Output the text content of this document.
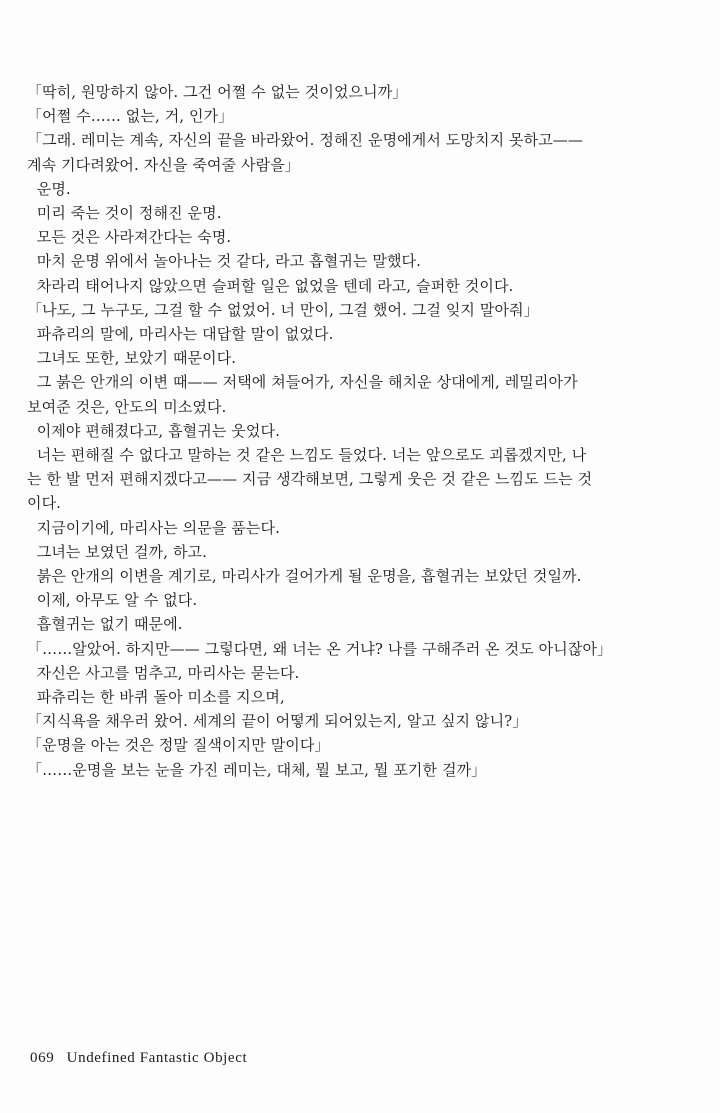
「딱히, 원망하지 않아. 그건 어쩔 수 없는 것이었으니까」

「어쩔 수…… 없는, 거, 인가」

「그래. 레미는 계속, 자신의 끝을 바라왔어. 정해진 운명에게서 도망치지 못하고——
계속 기다려왔어. 자신을 죽여줄 사람을」

운명.

미리 죽는 것이 정해진 운명.

모든 것은 사라져간다는 숙명.

마치 운명 위에서 놀아나는 것 같다, 라고 흡혈귀는 말했다.

차라리 태어나지 않았으면 슬퍼할 일은 없었을 텐데 라고, 슬퍼한 것이다.

「나도, 그 누구도, 그걸 할 수 없었어. 너 만이, 그걸 했어. 그걸 잊지 말아줘」

파츄리의 말에, 마리사는 대답할 말이 없었다.

그녀도 또한, 보았기 때문이다.

그 붉은 안개의 이변 때—— 저택에 쳐들어가, 자신을 해치운 상대에게, 레밀리아가
보여준 것은, 안도의 미소였다.

이제야 편해졌다고, 흡혈귀는 웃었다.

너는 편해질 수 없다고 말하는 것 같은 느낌도 들었다. 너는 앞으로도 괴롭겠지만, 나
는 한 발 먼저 편해지겠다고—— 지금 생각해보면, 그렇게 웃은 것 같은 느낌도 드는 것
이다.

지금이기에, 마리사는 의문을 품는다.

그녀는 보였던 걸까, 하고.

붉은 안개의 이변을 계기로, 마리사가 걸어가게 될 운명을, 흡혈귀는 보았던 것일까.

이제, 아무도 알 수 없다.

흡혈귀는 없기 때문에.

「……알았어. 하지만—— 그렇다면, 왜 너는 온 거냐? 나를 구해주러 온 것도 아니잖아」

자신은 사고를 멈추고, 마리사는 묻는다.

파츄리는 한 바퀴 돌아 미소를 지으며,

「지식욕을 채우러 왔어. 세계의 끝이 어떻게 되어있는지, 알고 싶지 않니?」

「운명을 아는 것은 정말 질색이지만 말이다」

「……운명을 보는 눈을 가진 레미는, 대체, 뭘 보고, 뭘 포기한 걸까」

069 Undefined Fantastic Object
